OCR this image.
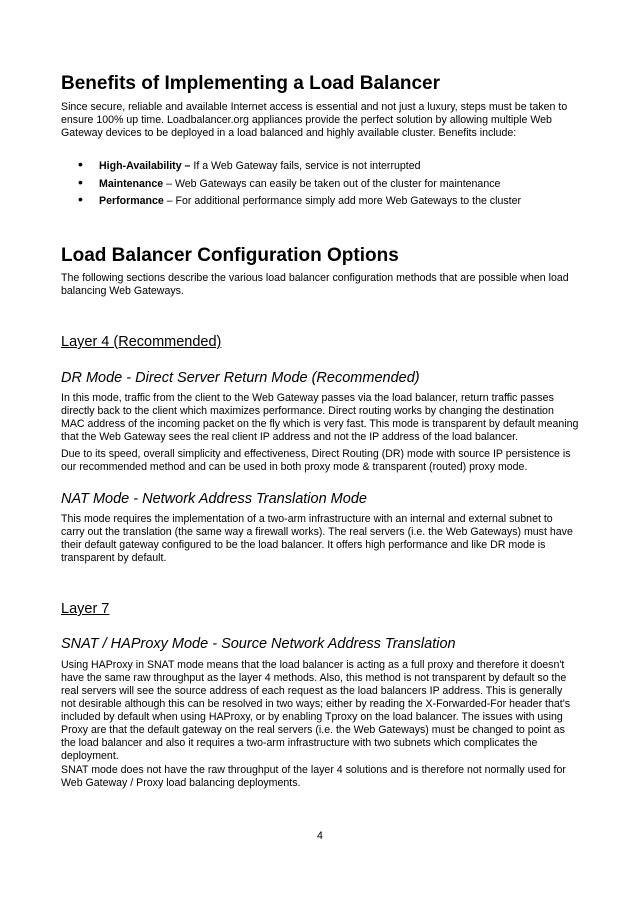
Benefits of Implementing a Load Balancer

Since secure, reliable and available Internet access is essential and not just a luxury, steps must be taken to ensure 100% up time. Loadbalancer.org appliances provide the perfect solution by allowing multiple Web Gateway devices to be deployed in a load balanced and highly available cluster. Benefits include:

• High-Availability – If a Web Gateway fails, service is not interrupted
• Maintenance – Web Gateways can easily be taken out of the cluster for maintenance
• Performance – For additional performance simply add more Web Gateways to the cluster
Load Balancer Configuration Options

The following sections describe the various load balancer configuration methods that are possible when load balancing Web Gateways.

Layer 4 (Recommended)
DR Mode - Direct Server Return Mode (Recommended)

In this mode, traffic from the client to the Web Gateway passes via the load balancer, return traffic passes directly back to the client which maximizes performance. Direct routing works by changing the destination MAC address of the incoming packet on the fly which is very fast. This mode is transparent by default meaning that the Web Gateway sees the real client IP address and not the IP address of the load balancer.

Due to its speed, overall simplicity and effectiveness, Direct Routing (DR) mode with source IP persistence is our recommended method and can be used in both proxy mode & transparent (routed) proxy mode.

NAT Mode - Network Address Translation Mode

This mode requires the implementation of a two-arm infrastructure with an internal and external subnet to carry out the translation (the same way a firewall works). The real servers (i.e. the Web Gateways) must have their default gateway configured to be the load balancer. It offers high performance and like DR mode is transparent by default.

Layer 7
SNAT / HAProxy Mode - Source Network Address Translation

Using HAProxy in SNAT mode means that the load balancer is acting as a full proxy and therefore it doesn't have the same raw throughput as the layer 4 methods. Also, this method is not transparent by default so the real servers will see the source address of each request as the load balancers IP address. This is generally not desirable although this can be resolved in two ways; either by reading the X-Forwarded-For header that's included by default when using HAProxy, or by enabling Tproxy on the load balancer. The issues with using Proxy are that the default gateway on the real servers (i.e. the Web Gateways) must be changed to point as the load balancer and also it requires a two-arm infrastructure with two subnets which complicates the deployment.

SNAT mode does not have the raw throughput of the layer 4 solutions and is therefore not normally used for Web Gateway / Proxy load balancing deployments.

4
